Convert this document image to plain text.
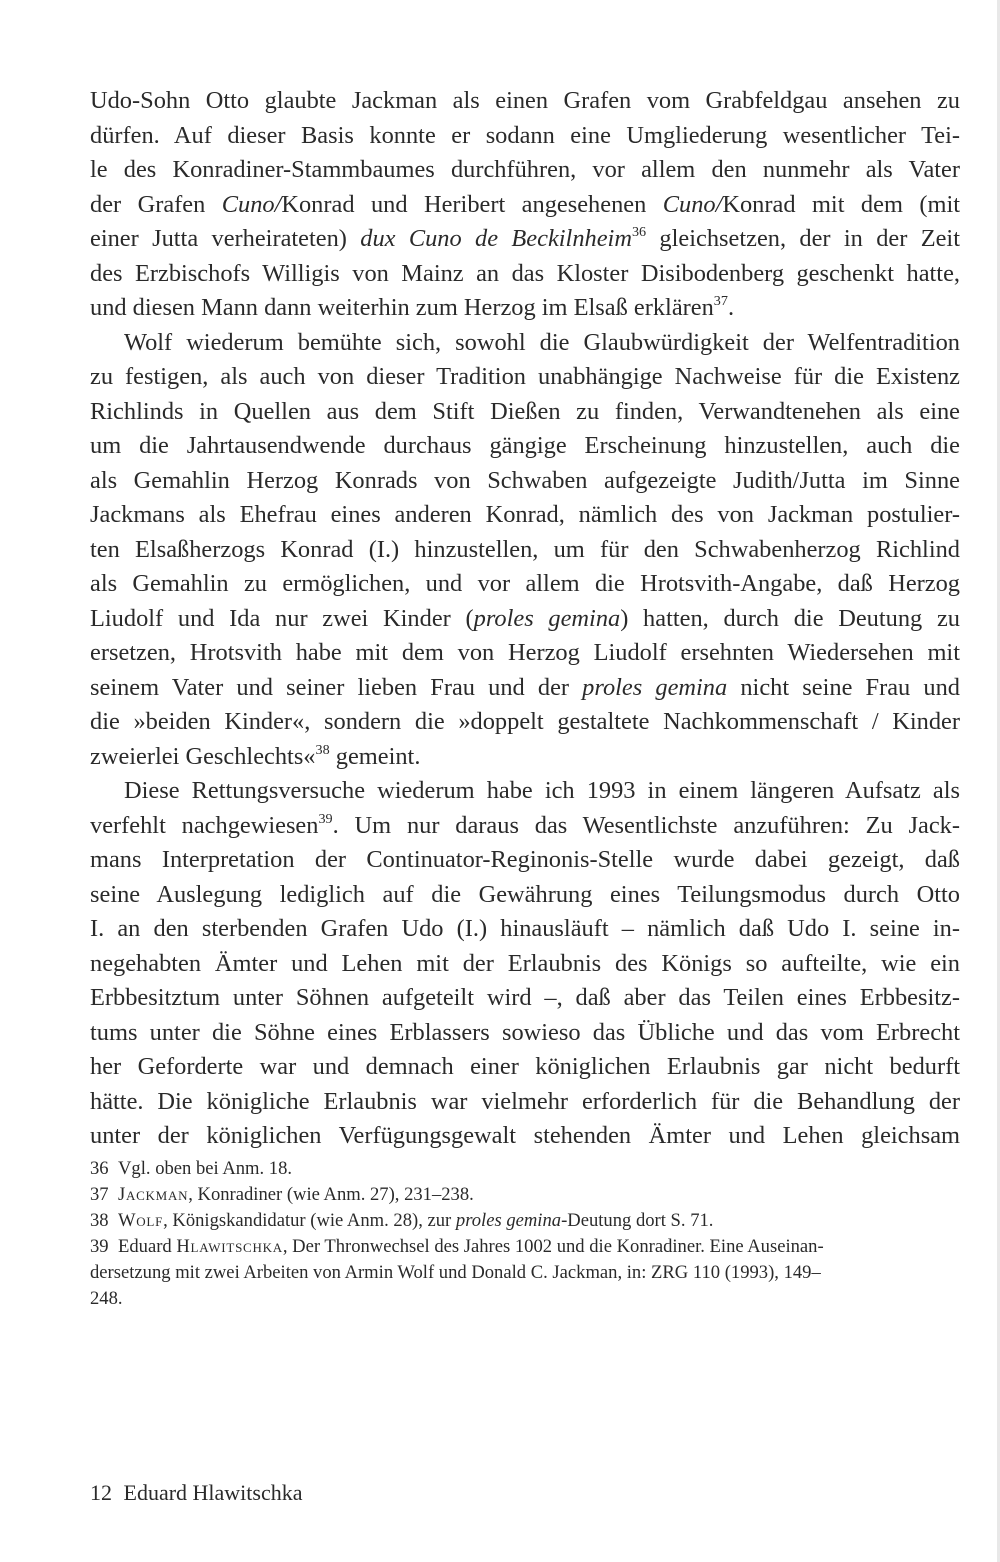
Udo-Sohn Otto glaubte Jackman als einen Grafen vom Grabfeldgau ansehen zu
dürfen. Auf dieser Basis konnte er sodann eine Umgliederung wesentlicher Tei-
le des Konradiner-Stammbaumes durchführen, vor allem den nunmehr als Vater
der Grafen Cuno/Konrad und Heribert angesehenen Cuno/Konrad mit dem (mit
einer Jutta verheirateten) dux Cuno de Beckilnheim$^{36}$ gleichsetzen, der in der Zeit
des Erzbischofs Willigis von Mainz an das Kloster Disibodenberg geschenkt hatte,
und diesen Mann dann weiterhin zum Herzog im Elsaß erklären$^{37}$.

Wolf wiederum bemühte sich, sowohl die Glaubwürdigkeit der Welfentradition
zu festigen, als auch von dieser Tradition unabhängige Nachweise für die Existenz
Richlinds in Quellen aus dem Stift Dießen zu finden, Verwandtenehen als eine
um die Jahrtausendwende durchaus gängige Erscheinung hinzustellen, auch die
als Gemahlin Herzog Konrads von Schwaben aufgezeigte Judith/Jutta im Sinne
Jackmans als Ehefrau eines anderen Konrad, nämlich des von Jackman postulier-
ten Elsaßherzogs Konrad (I.) hinzustellen, um für den Schwabenherzog Richlind
als Gemahlin zu ermöglichen, und vor allem die Hrotsvith-Angabe, daß Herzog
Liudolf und Ida nur zwei Kinder (proles gemina) hatten, durch die Deutung zu
ersetzen, Hrotsvith habe mit dem von Herzog Liudolf ersehnten Wiedersehen mit
seinem Vater und seiner lieben Frau und der proles gemina nicht seine Frau und
die »beiden Kinder«, sondern die »doppelt gestaltete Nachkommenschaft / Kinder
zweierlei Geschlechts«$^{38}$ gemeint.

Diese Rettungsversuche wiederum habe ich 1993 in einem längeren Aufsatz als
verfehlt nachgewiesen$^{39}$. Um nur daraus das Wesentlichste anzuführen: Zu Jack-
mans Interpretation der Continuator-Reginonis-Stelle wurde dabei gezeigt, daß
seine Auslegung lediglich auf die Gewährung eines Teilungsmodus durch Otto
I. an den sterbenden Grafen Udo (I.) hinausläuft – nämlich daß Udo I. seine in-
negehabten Ämter und Lehen mit der Erlaubnis des Königs so aufteilte, wie ein
Erbbesitztum unter Söhnen aufgeteilt wird –, daß aber das Teilen eines Erbbesitz-
tums unter die Söhne eines Erblassers sowieso das Übliche und das vom Erbrecht
her Geforderte war und demnach einer königlichen Erlaubnis gar nicht bedurft
hätte. Die königliche Erlaubnis war vielmehr erforderlich für die Behandlung der
unter der königlichen Verfügungsgewalt stehenden Ämter und Lehen gleichsam

36 Vgl. oben bei Anm. 18.

37 Jackman, Konradiner (wie Anm. 27), 231–238.

38 Wolf, Königskandidatur (wie Anm. 28), zur proles gemina-Deutung dort S. 71.

39 Eduard Hlawitschka, Der Thronwechsel des Jahres 1002 und die Konradiner. Eine Auseinan-
dersetzung mit zwei Arbeiten von Armin Wolf und Donald C. Jackman, in: ZRG 110 (1993), 149–
248.

12 Eduard Hlawitschka
